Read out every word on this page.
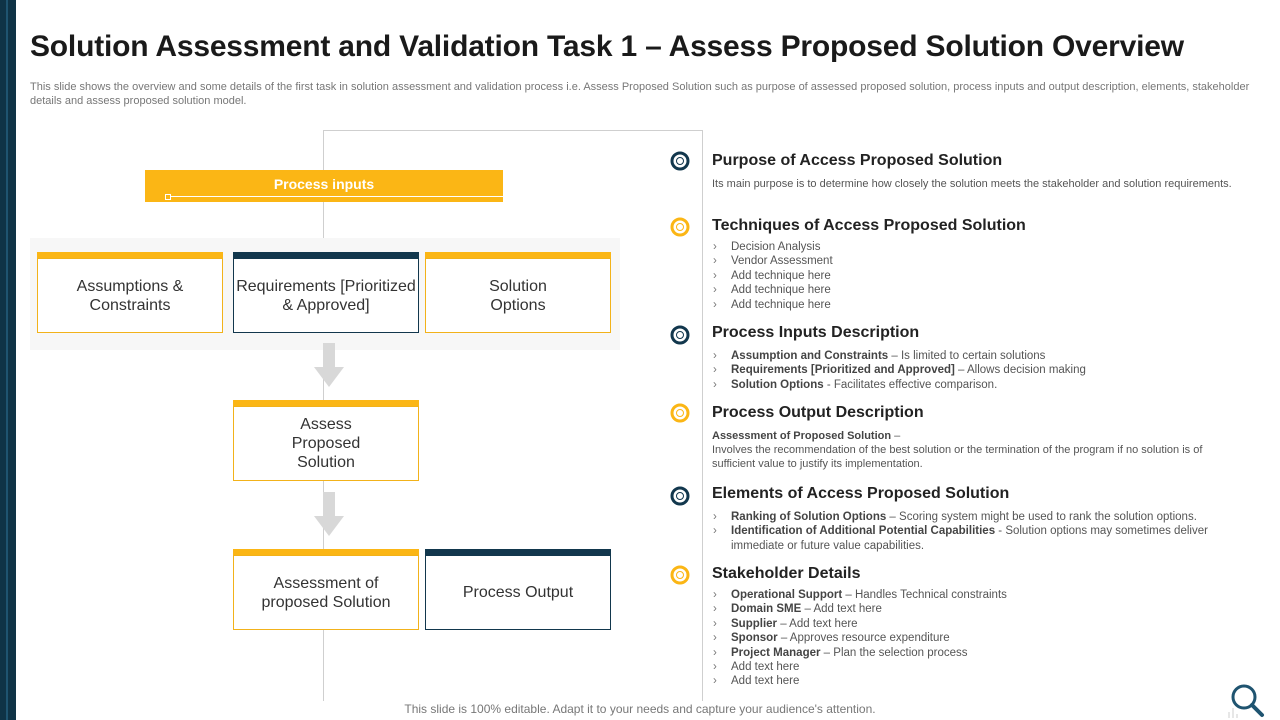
Solution Assessment and Validation Task 1 – Assess Proposed Solution Overview
This slide shows the overview and some details of the first task in solution assessment and validation process i.e. Assess Proposed Solution such as purpose of assessed proposed solution, process inputs and output description, elements, stakeholder details and assess proposed solution model.
Process inputs
Assumptions & Constraints
Requirements [Prioritized & Approved]
Solution Options
Assess Proposed Solution
Assessment of proposed Solution
Process Output
Purpose of Access Proposed Solution
Its main purpose is to determine how closely the solution meets the stakeholder and solution requirements.
Techniques of Access Proposed Solution
› Decision Analysis
› Vendor Assessment
› Add technique here
› Add technique here
› Add technique here
Process Inputs Description
› Assumption and Constraints – Is limited to certain solutions
› Requirements [Prioritized and Approved] – Allows decision making
› Solution Options - Facilitates effective comparison.
Process Output Description
Assessment of Proposed Solution –
Involves the recommendation of the best solution or the termination of the program if no solution is of sufficient value to justify its implementation.
Elements of Access Proposed Solution
› Ranking of Solution Options – Scoring system might be used to rank the solution options.
› Identification of Additional Potential Capabilities - Solution options may sometimes deliver immediate or future value capabilities.
Stakeholder Details
› Operational Support – Handles Technical constraints
› Domain SME – Add text here
› Supplier – Add text here
› Sponsor – Approves resource expenditure
› Project Manager – Plan the selection process
› Add text here
› Add text here
This slide is 100% editable. Adapt it to your needs and capture your audience's attention.
